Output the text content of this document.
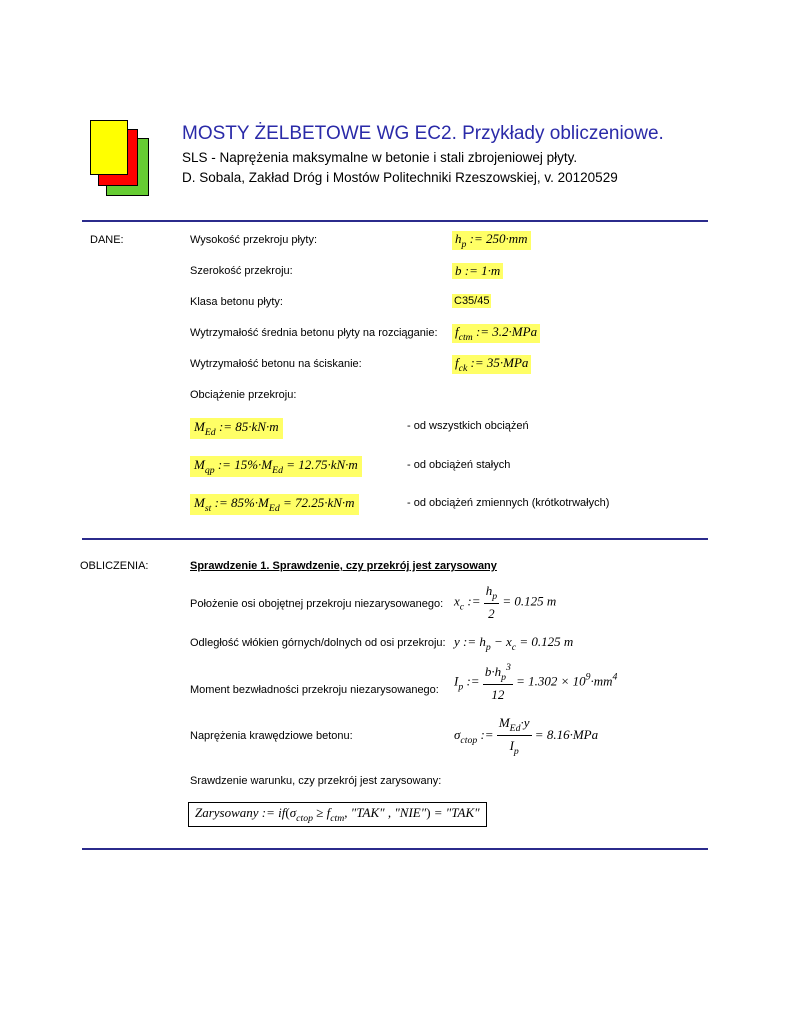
MOSTY ŻELBETOWE WG EC2. Przykłady obliczeniowe.
SLS - Naprężenia maksymalne w betonie i stali zbrojeniowej płyty.
D. Sobala, Zakład Dróg i Mostów Politechniki Rzeszowskiej, v. 20120529
DANE:	Wysokość przekroju płyty:	$h_p$ := 250·mm
Szerokość przekroju:	b := 1·m
Klasa betonu płyty:	C35/45
Wytrzymałość średnia betonu płyty na rozciąganie: $f_{ctm}$ := 3.2·MPa
Wytrzymałość betonu na ściskanie:	$f_{ck}$ := 35·MPa
Obciążenie przekroju:
$M_{Ed}$ := 85·kN·m	- od wszystkich obciążeń
$M_{qp}$ := $15\%\cdot M_{Ed} = 12.75\cdot kN\cdot m$	- od obciążeń stałych
$M_{st}$ := $85\%\cdot M_{Ed} = 72.25\cdot kN\cdot m$	- od obciążeń zmiennych (krótkotrwałych)
OBLICZENIA:	Sprawdzenie 1. Sprawdzenie, czy przekrój jest zarysowany
Położenie osi obojętnej przekroju niezarysowanego: $x_c$ := $\frac{h_p}{2} = 0.125$ m
Odległość włókien górnych/dolnych od osi przekroju: y := $h_p - x_c = 0.125$ m
Moment bezwładności przekroju niezarysowanego:
$I_p$ := $\frac{b\cdot h_p^3}{12} = 1.302 \times 10^9\cdot mm^4$
Naprężenia krawędziowe betonu:	$\sigma_{ctop}$ := $\frac{M_{Ed}\cdot y}{I_p} = 8.16\cdot MPa$
Srawdzenie warunku, czy przekrój jest zarysowany:
Zarysowany := $if(\sigma_{ctop} \ge f_{ctm}$, "TAK" , "NIE") = "TAK"
